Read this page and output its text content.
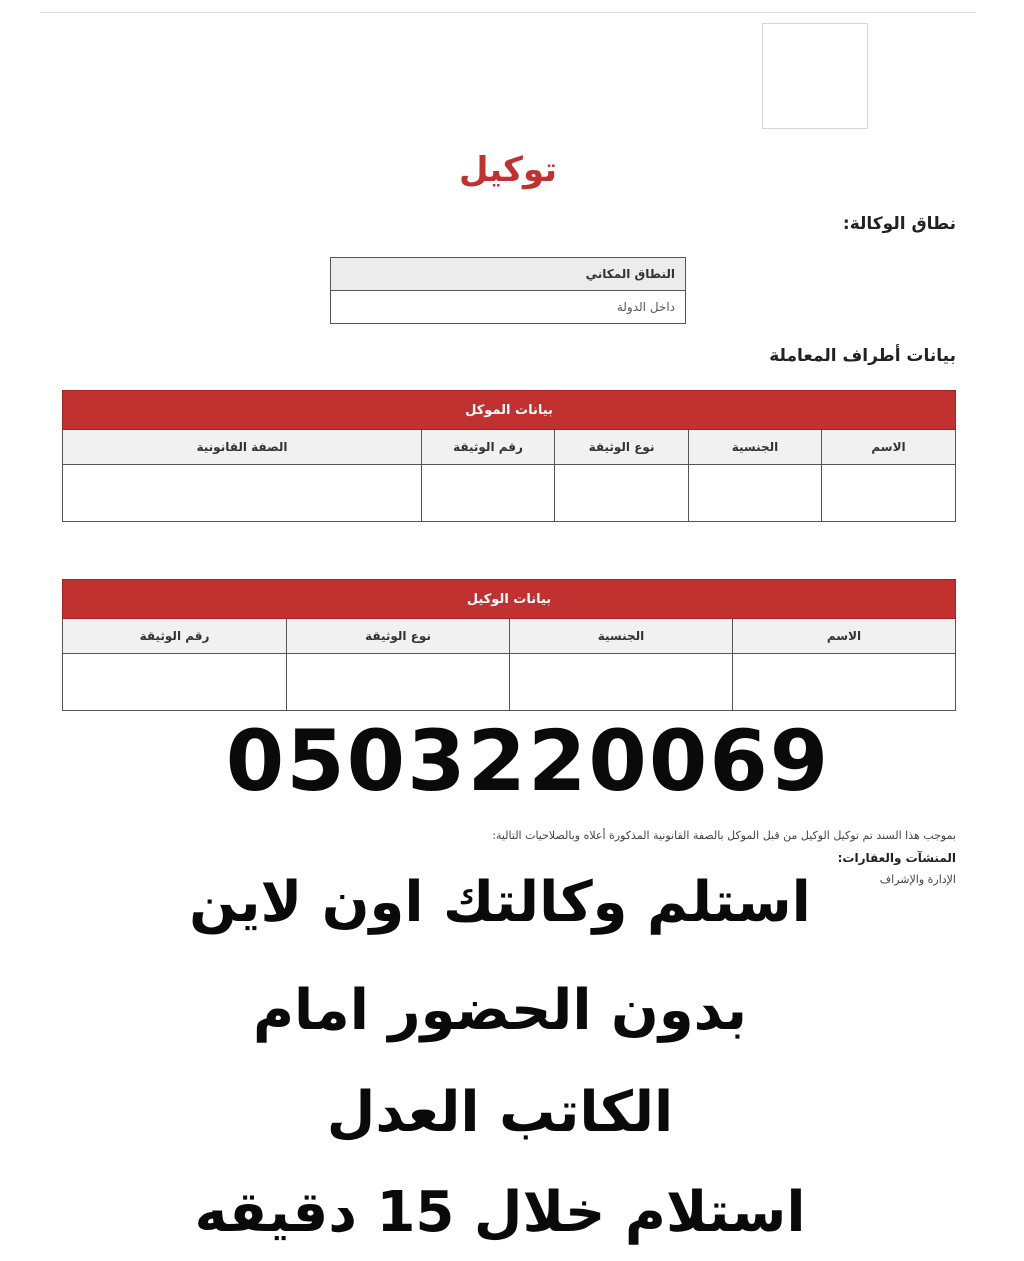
توكيل
نطاق الوكالة:
النطاق المكاني
داخل الدولة
بيانات أطراف المعاملة
بيانات الموكل				
الاسم	الجنسية	نوع الوثيقة	رقم الوثيقة	الصفة القانونية

بيانات الوكيل			
الاسم	الجنسية	نوع الوثيقة	رقم الوثيقة

0503220069
بموجب هذا السند تم توكيل الوكيل من قبل الموكل بالصفة القانونية المذكورة أعلاه وبالصلاحيات التالية:
المنشآت والعقارات:
الإدارة والإشراف
استلم وكالتك اون لاين
بدون الحضور امام
الكاتب العدل
استلام خلال 15 دقيقه
